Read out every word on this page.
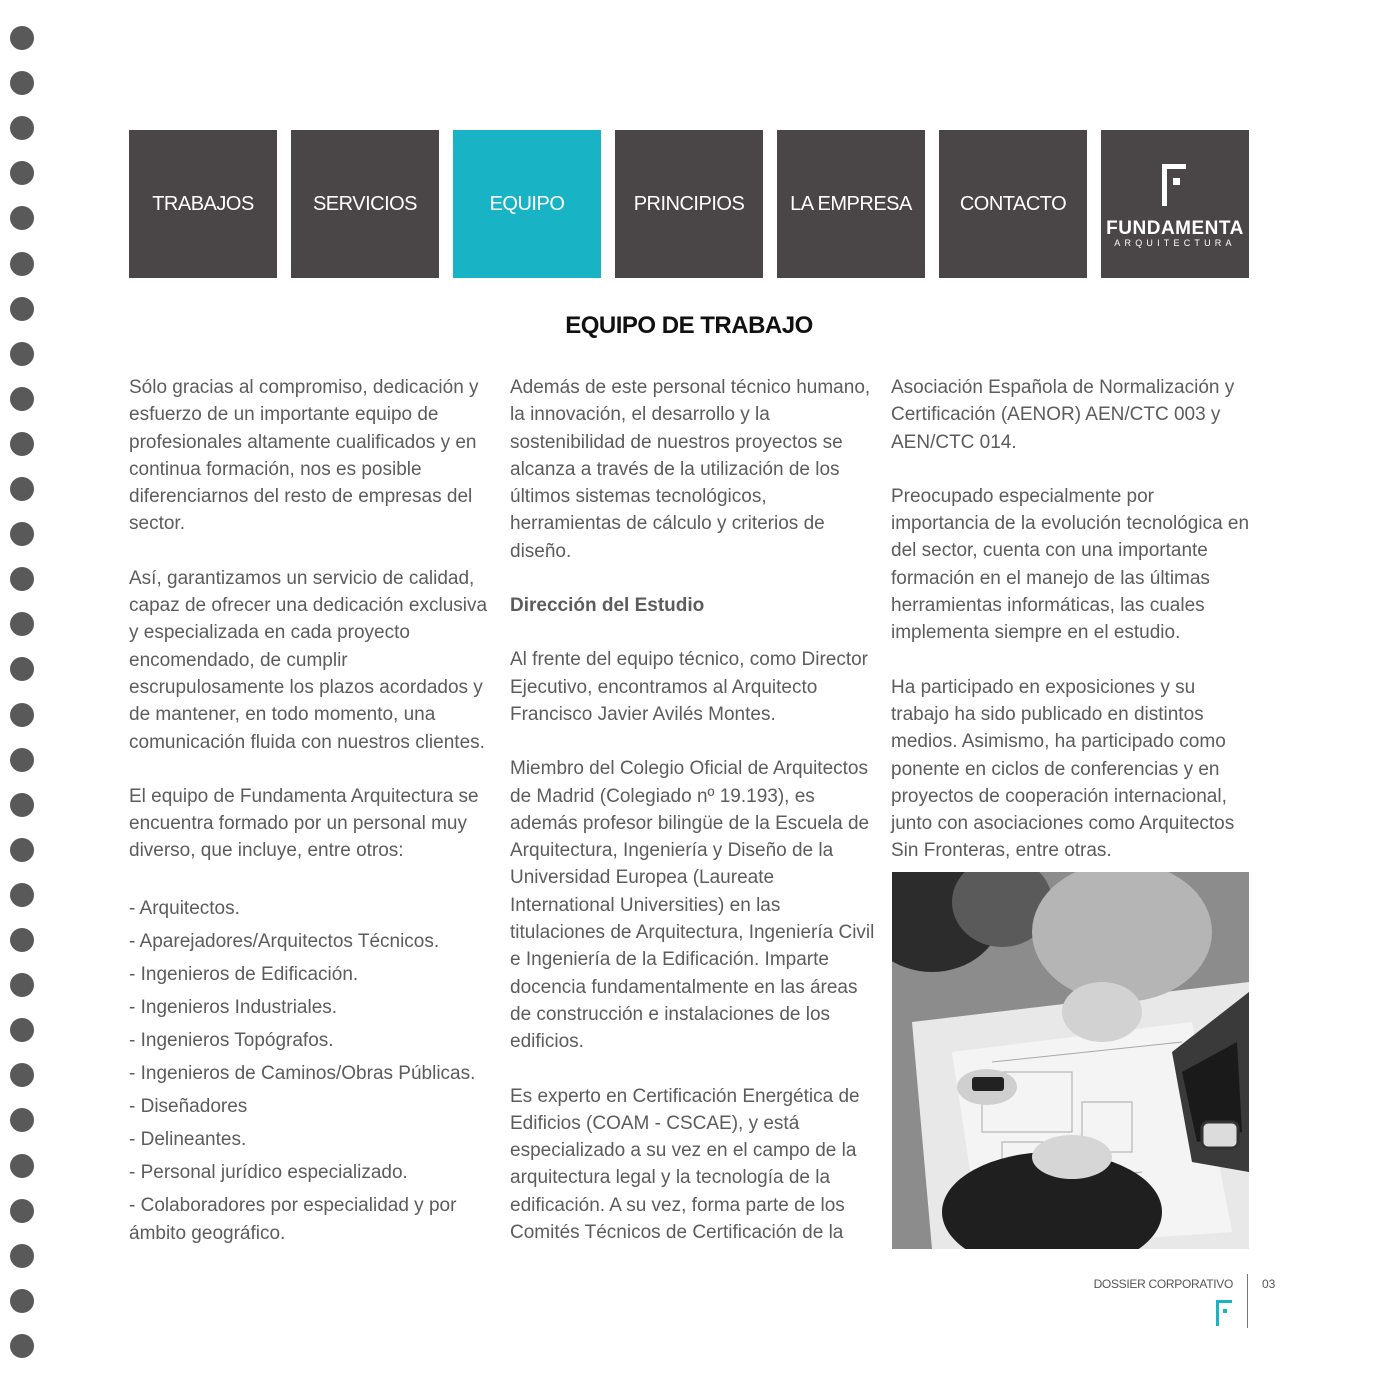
TRABAJOS	SERVICIOS	EQUIPO	PRINCIPIOS	LA EMPRESA	CONTACTO
FUNDAMENTA
ARQUITECTURA
EQUIPO DE TRABAJO

Sólo gracias al compromiso, dedicación y esfuerzo de un importante equipo de profesionales altamente cualificados y en continua formación, nos es posible diferenciarnos del resto de empresas del sector.

Así, garantizamos un servicio de calidad, capaz de ofrecer una dedicación exclusiva y especializada en cada proyecto encomendado, de cumplir escrupulosamente los plazos acordados y de mantener, en todo momento, una comunicación fluida con nuestros clientes.

El equipo de Fundamenta Arquitectura se encuentra formado por un personal muy diverso, que incluye, entre otros:

- Arquitectos.
- Aparejadores/Arquitectos Técnicos.
- Ingenieros de Edificación.
- Ingenieros Industriales.
- Ingenieros Topógrafos.
- Ingenieros de Caminos/Obras Públicas.
- Diseñadores
- Delineantes.
- Personal jurídico especializado.
- Colaboradores por especialidad y por ámbito geográfico.

Además de este personal técnico humano, la innovación, el desarrollo y la sostenibilidad de nuestros proyectos se alcanza a través de la utilización de los últimos sistemas tecnológicos, herramientas de cálculo y criterios de diseño.

Dirección del Estudio

Al frente del equipo técnico, como Director Ejecutivo, encontramos al Arquitecto Francisco Javier Avilés Montes.

Miembro del Colegio Oficial de Arquitectos de Madrid (Colegiado nº 19.193), es además profesor bilingüe de la Escuela de Arquitectura, Ingeniería y Diseño de la Universidad Europea (Laureate International Universities) en las titulaciones de Arquitectura, Ingeniería Civil e Ingeniería de la Edificación. Imparte docencia fundamentalmente en las áreas de construcción e instalaciones de los edificios.

Es experto en Certificación Energética de Edificios (COAM - CSCAE), y está especializado a su vez en el campo de la arquitectura legal y la tecnología de la edificación. A su vez, forma parte de los Comités Técnicos de Certificación de la

Asociación Española de Normalización y Certificación (AENOR) AEN/CTC 003 y AEN/CTC 014.

Preocupado especialmente por importancia de la evolución tecnológica en del sector, cuenta con una importante formación en el manejo de las últimas herramientas informáticas, las cuales implementa siempre en el estudio.

Ha participado en exposiciones y su trabajo ha sido publicado en distintos medios. Asimismo, ha participado como ponente en ciclos de conferencias y en proyectos de cooperación internacional, junto con asociaciones como Arquitectos Sin Fronteras, entre otras.

DOSSIER CORPORATIVO 03
